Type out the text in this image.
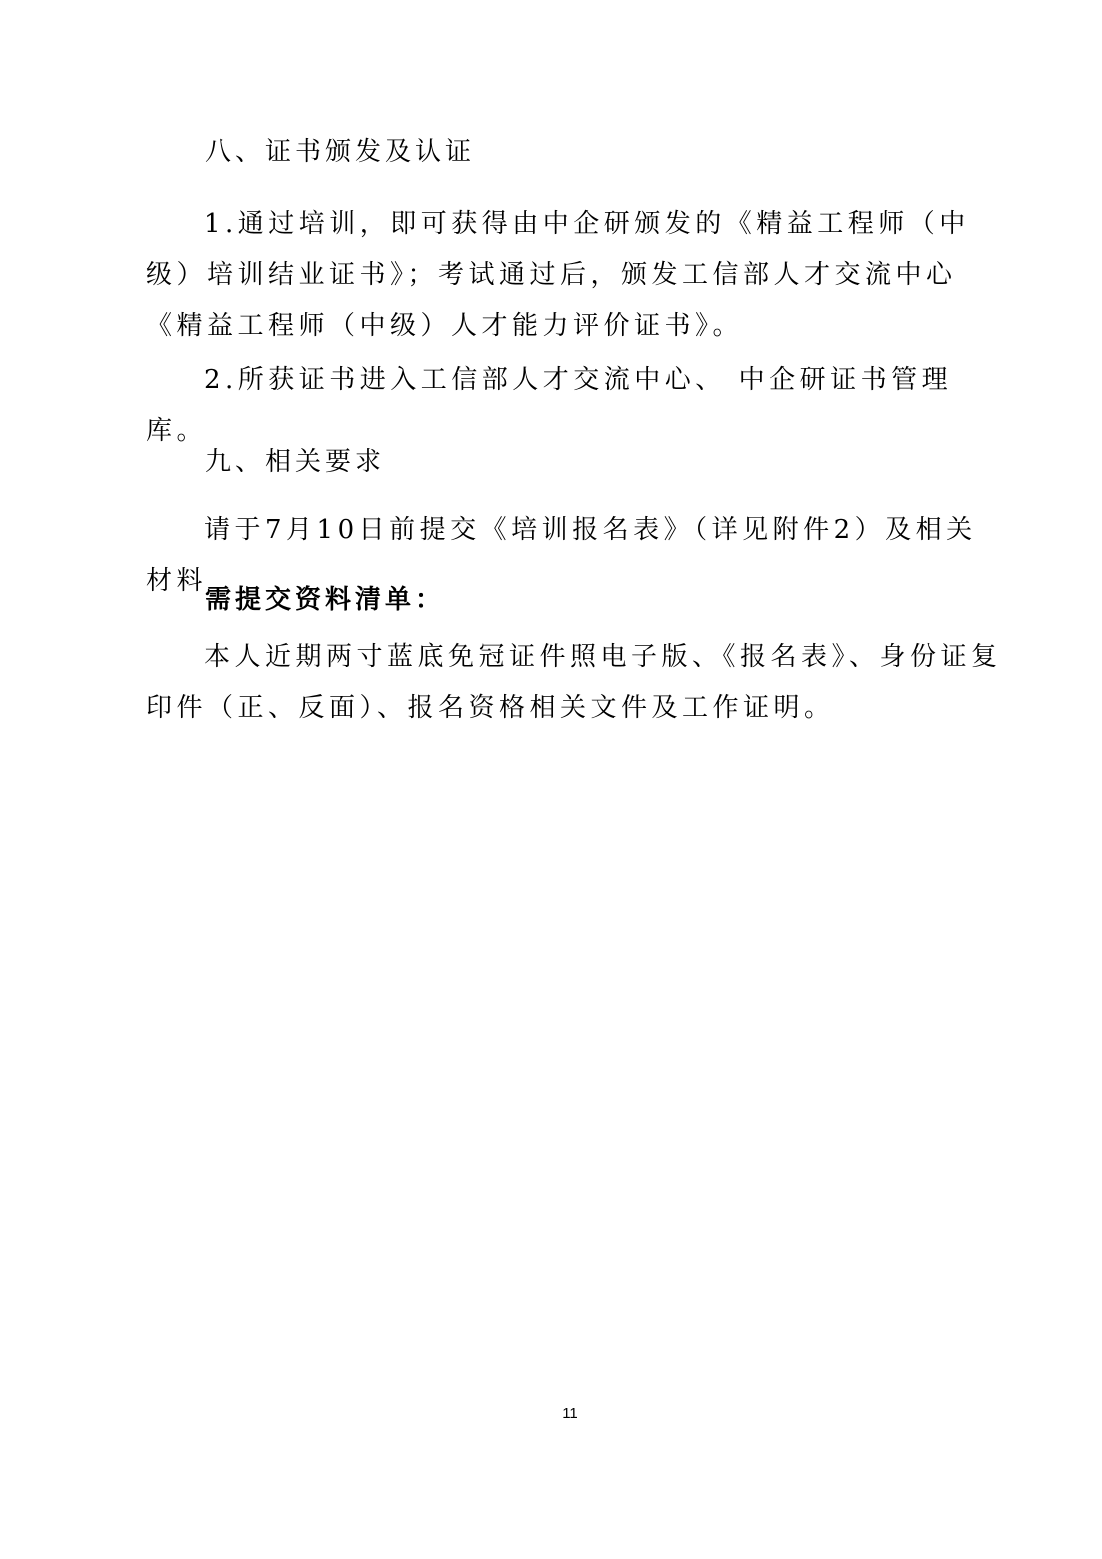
八、证书颁发及认证

1.通过培训，即可获得由中企研颁发的《精益工程师（中级）培训结业证书》；考试通过后，颁发工信部人才交流中心《精益工程师（中级）人才能力评价证书》。

2.所获证书进入工信部人才交流中心、 中企研证书管理库。

九、相关要求

请于7月10日前提交《培训报名表》（详见附件2）及相关材料

需提交资料清单：

本人近期两寸蓝底免冠证件照电子版、《报名表》、身份证复印件（正、反面）、报名资格相关文件及工作证明。

11
